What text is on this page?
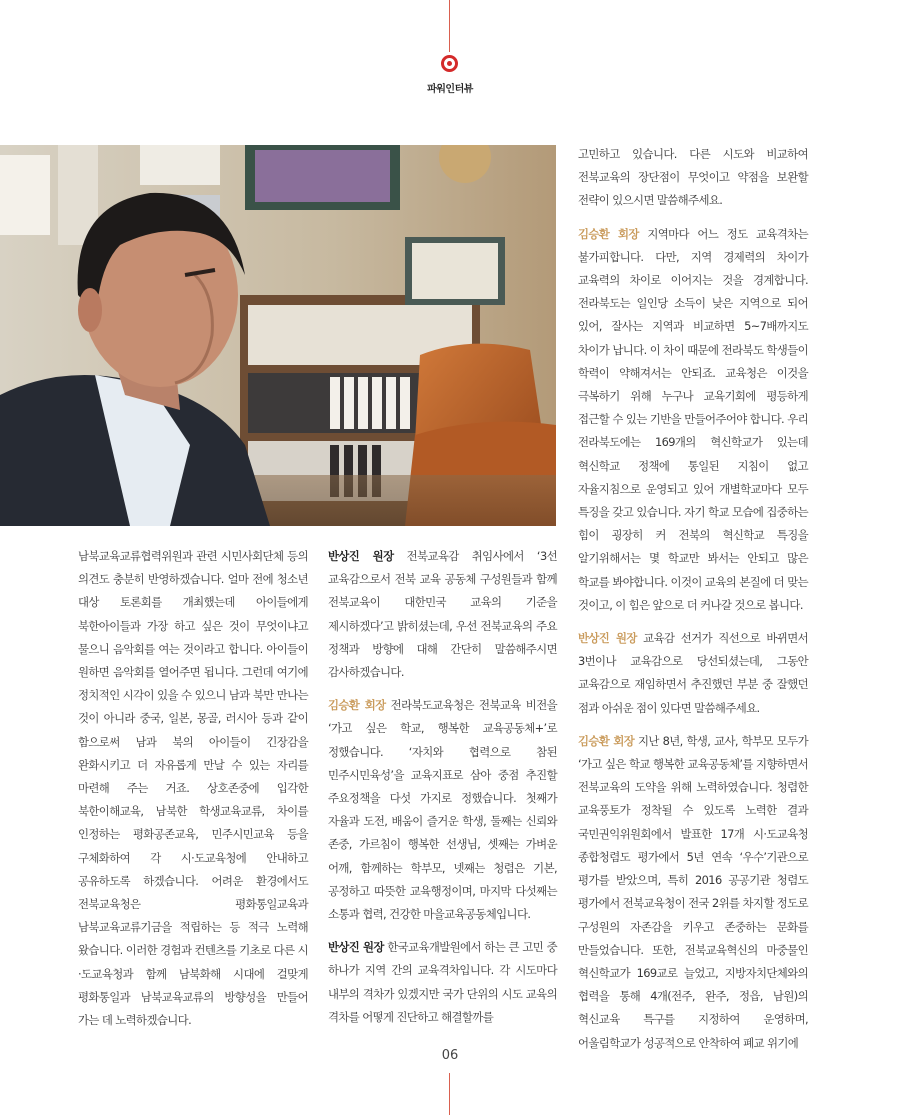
파워인터뷰

남북교육교류협력위원과 관련 시민사회단체 등의 의견도 충분히 반영하겠습니다. 얼마 전에 청소년 대상 토론회를 개최했는데 아이들에게 북한아이들과 가장 하고 싶은 것이 무엇이냐고 물으니 음악회를 여는 것이라고 합니다. 아이들이 원하면 음악회를 열어주면 됩니다. 그런데 여기에 정치적인 시각이 있을 수 있으니 남과 북만 만나는 것이 아니라 중국, 일본, 몽골, 러시아 등과 같이 함으로써 남과 북의 아이들이 긴장감을 완화시키고 더 자유롭게 만날 수 있는 자리를 마련해 주는 거죠. 상호존중에 입각한 북한이해교육, 남북한 학생교육교류, 차이를 인정하는 평화공존교육, 민주시민교육 등을 구체화하여 각 시·도교육청에 안내하고 공유하도록 하겠습니다. 어려운 환경에서도 전북교육청은 평화통일교육과 남북교육교류기금을 적립하는 등 적극 노력해 왔습니다. 이러한 경험과 컨텐츠를 기초로 다른 시·도교육청과 함께 남북화해 시대에 걸맞게 평화통일과 남북교육교류의 방향성을 만들어 가는 데 노력하겠습니다.

반상진 원장 전북교육감 취임사에서 ‘3선 교육감으로서 전북 교육 공동체 구성원들과 함께 전북교육이 대한민국 교육의 기준을 제시하겠다’고 밝히셨는데, 우선 전북교육의 주요 정책과 방향에 대해 간단히 말씀해주시면 감사하겠습니다.

김승환 회장 전라북도교육청은 전북교육 비전을 ‘가고 싶은 학교, 행복한 교육공동체+’로 정했습니다. ‘자치와 협력으로 참된 민주시민육성’을 교육지표로 삼아 중점 추진할 주요정책을 다섯 가지로 정했습니다. 첫째가 자율과 도전, 배움이 즐거운 학생, 둘째는 신뢰와 존중, 가르침이 행복한 선생님, 셋째는 가벼운 어깨, 함께하는 학부모, 넷째는 청렴은 기본, 공정하고 따뜻한 교육행정이며, 마지막 다섯째는 소통과 협력, 건강한 마을교육공동체입니다.

반상진 원장 한국교육개발원에서 하는 큰 고민 중 하나가 지역 간의 교육격차입니다. 각 시도마다 내부의 격차가 있겠지만 국가 단위의 시도 교육의 격차를 어떻게 진단하고 해결할까를

고민하고 있습니다. 다른 시도와 비교하여 전북교육의 장단점이 무엇이고 약점을 보완할 전략이 있으시면 말씀해주세요.

김승환 회장 지역마다 어느 정도 교육격차는 불가피합니다. 다만, 지역 경제력의 차이가 교육력의 차이로 이어지는 것을 경계합니다. 전라북도는 일인당 소득이 낮은 지역으로 되어 있어, 잘사는 지역과 비교하면 5~7배까지도 차이가 납니다. 이 차이 때문에 전라북도 학생들이 학력이 약해져서는 안되죠. 교육청은 이것을 극복하기 위해 누구나 교육기회에 평등하게 접근할 수 있는 기반을 만들어주어야 합니다. 우리 전라북도에는 169개의 혁신학교가 있는데 혁신학교 정책에 통일된 지침이 없고 자율지침으로 운영되고 있어 개별학교마다 모두 특징을 갖고 있습니다. 자기 학교 모습에 집중하는 힘이 굉장히 커 전북의 혁신학교 특징을 알기위해서는 몇 학교만 봐서는 안되고 많은 학교를 봐야합니다. 이것이 교육의 본질에 더 맞는 것이고, 이 힘은 앞으로 더 커나갈 것으로 봅니다.

반상진 원장 교육감 선거가 직선으로 바뀌면서 3번이나 교육감으로 당선되셨는데, 그동안 교육감으로 재임하면서 추진했던 부분 중 잘했던 점과 아쉬운 점이 있다면 말씀해주세요.

김승환 회장 지난 8년, 학생, 교사, 학부모 모두가 ‘가고 싶은 학교 행복한 교육공동체’를 지향하면서 전북교육의 도약을 위해 노력하였습니다. 청렴한 교육풍토가 정착될 수 있도록 노력한 결과 국민권익위원회에서 발표한 17개 시·도교육청 종합청렴도 평가에서 5년 연속 ‘우수’기관으로 평가를 받았으며, 특히 2016 공공기관 청렴도 평가에서 전북교육청이 전국 2위를 차지할 정도로 구성원의 자존감을 키우고 존중하는 문화를 만들었습니다. 또한, 전북교육혁신의 마중물인 혁신학교가 169교로 늘었고, 지방자치단체와의 협력을 통해 4개(전주, 완주, 정읍, 남원)의 혁신교육 특구를 지정하여 운영하며, 어울림학교가 성공적으로 안착하여 폐교 위기에

06
